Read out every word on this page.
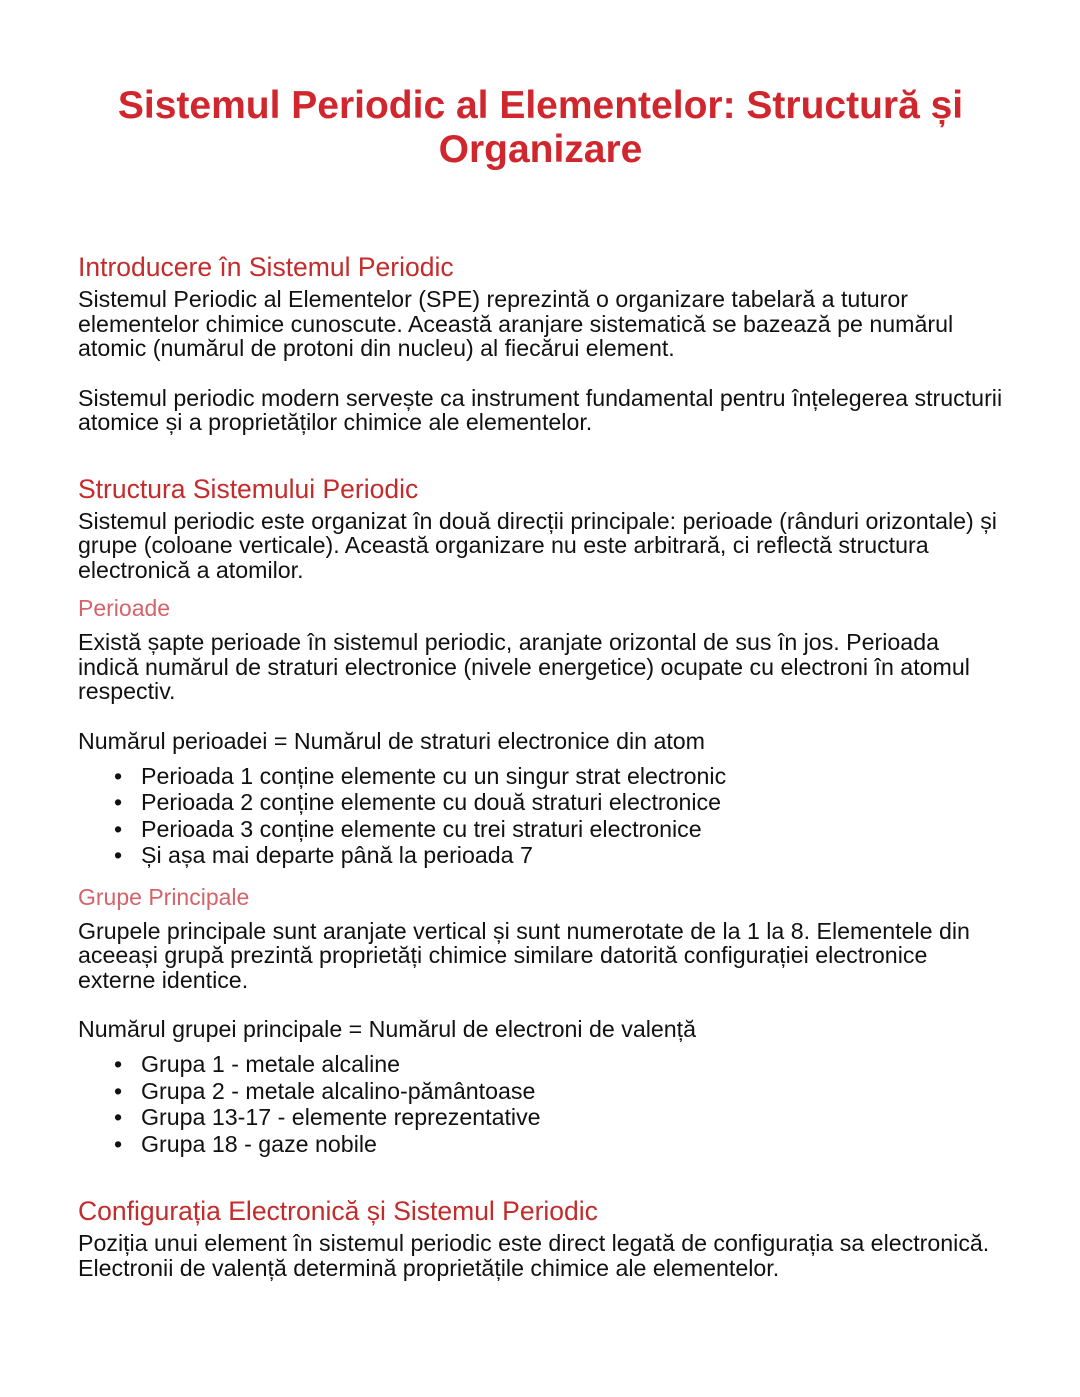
Sistemul Periodic al Elementelor: Structură și Organizare
Introducere în Sistemul Periodic

Sistemul Periodic al Elementelor (SPE) reprezintă o organizare tabelară a tuturor elementelor chimice cunoscute. Această aranjare sistematică se bazează pe numărul atomic (numărul de protoni din nucleu) al fiecărui element.

Sistemul periodic modern servește ca instrument fundamental pentru înțelegerea structurii atomice și a proprietăților chimice ale elementelor.

Structura Sistemului Periodic

Sistemul periodic este organizat în două direcții principale: perioade (rânduri orizontale) și grupe (coloane verticale). Această organizare nu este arbitrară, ci reflectă structura electronică a atomilor.

Perioade

Există șapte perioade în sistemul periodic, aranjate orizontal de sus în jos. Perioada indică numărul de straturi electronice (nivele energetice) ocupate cu electroni în atomul respectiv.

Numărul perioadei = Numărul de straturi electronice din atom

• Perioada 1 conține elemente cu un singur strat electronic
• Perioada 2 conține elemente cu două straturi electronice
• Perioada 3 conține elemente cu trei straturi electronice
• Și așa mai departe până la perioada 7
Grupe Principale

Grupele principale sunt aranjate vertical și sunt numerotate de la 1 la 8. Elementele din aceeași grupă prezintă proprietăți chimice similare datorită configurației electronice externe identice.

Numărul grupei principale = Numărul de electroni de valență

• Grupa 1 - metale alcaline
• Grupa 2 - metale alcalino-pământoase
• Grupa 13-17 - elemente reprezentative
• Grupa 18 - gaze nobile
Configurația Electronică și Sistemul Periodic

Poziția unui element în sistemul periodic este direct legată de configurația sa electronică. Electronii de valență determină proprietățile chimice ale elementelor.
